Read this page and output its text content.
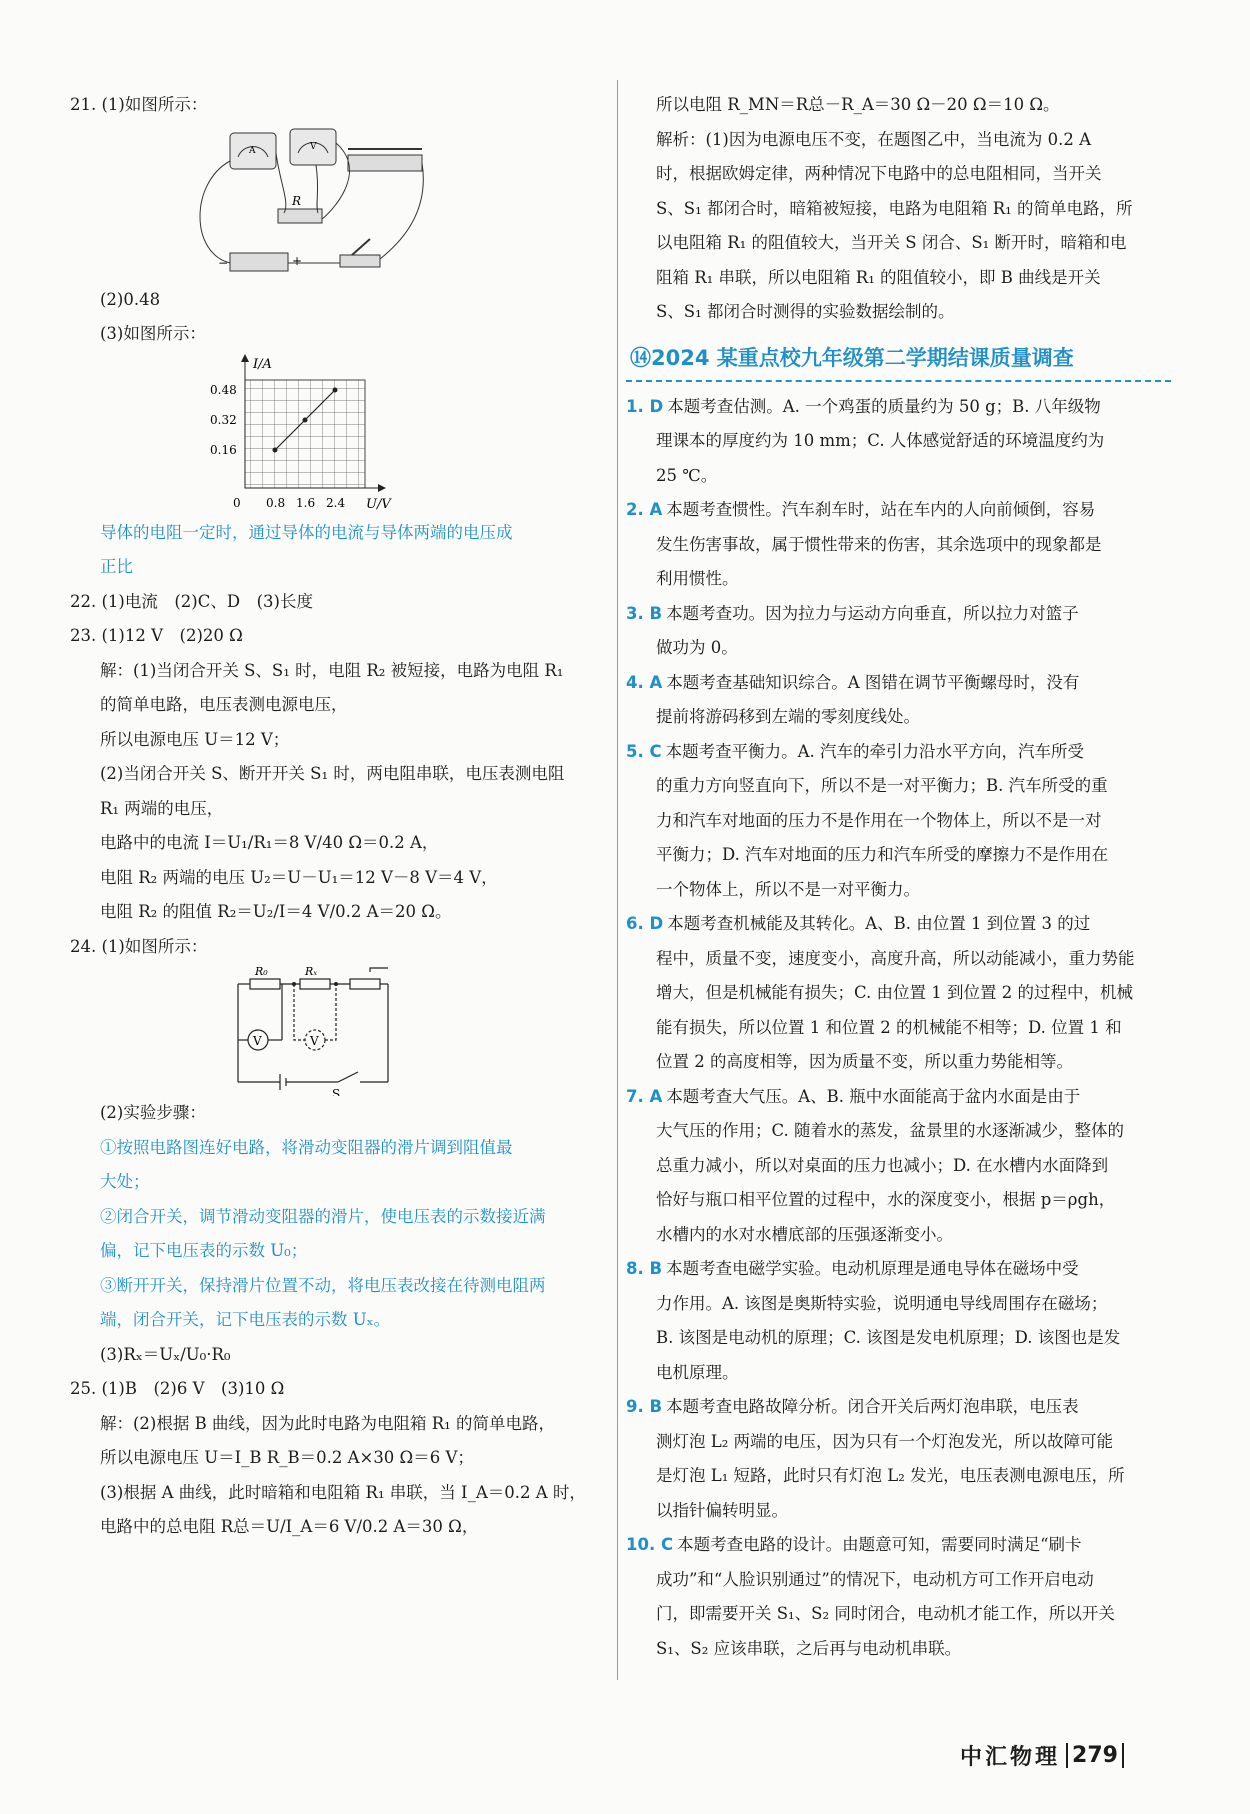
21. (1)如图所示：
A	V
R
−	+
(2)0.48
(3)如图所示：
I/A
U/V
0.48
0.32
0.16
0 0.8 1.6 2.4
导体的电阻一定时，通过导体的电流与导体两端的电压成
正比
22. (1)电流　(2)C、D　(3)长度
23. (1)12 V　(2)20 Ω
解：(1)当闭合开关 S、S₁ 时，电阻 R₂ 被短接，电路为电阻 R₁
的简单电路，电压表测电源电压，
所以电源电压 U＝12 V；
(2)当闭合开关 S、断开开关 S₁ 时，两电阻串联，电压表测电阻
R₁ 两端的电压，
电路中的电流 I＝U₁/R₁＝8 V/40 Ω＝0.2 A，
电阻 R₂ 两端的电压 U₂＝U－U₁＝12 V－8 V＝4 V，
电阻 R₂ 的阻值 R₂＝U₂/I＝4 V/0.2 A＝20 Ω。
24. (1)如图所示：
R₀	Rₓ
V	V
S
(2)实验步骤：
①按照电路图连好电路，将滑动变阻器的滑片调到阻值最
大处；
②闭合开关，调节滑动变阻器的滑片，使电压表的示数接近满
偏，记下电压表的示数 U₀；
③断开开关，保持滑片位置不动，将电压表改接在待测电阻两
端，闭合开关，记下电压表的示数 Uₓ。
(3)Rₓ＝Uₓ/U₀·R₀
25. (1)B　(2)6 V　(3)10 Ω
解：(2)根据 B 曲线，因为此时电路为电阻箱 R₁ 的简单电路，
所以电源电压 U＝I_B R_B＝0.2 A×30 Ω＝6 V；
(3)根据 A 曲线，此时暗箱和电阻箱 R₁ 串联，当 I_A＝0.2 A 时，
电路中的总电阻 R总＝U/I_A＝6 V/0.2 A＝30 Ω，
所以电阻 R_MN＝R总－R_A＝30 Ω－20 Ω＝10 Ω。
解析：(1)因为电源电压不变，在题图乙中，当电流为 0.2 A
时，根据欧姆定律，两种情况下电路中的总电阻相同，当开关
S、S₁ 都闭合时，暗箱被短接，电路为电阻箱 R₁ 的简单电路，所
以电阻箱 R₁ 的阻值较大，当开关 S 闭合、S₁ 断开时，暗箱和电
阻箱 R₁ 串联，所以电阻箱 R₁ 的阻值较小，即 B 曲线是开关
S、S₁ 都闭合时测得的实验数据绘制的。
⑭2024 某重点校九年级第二学期结课质量调查
1. D 本题考查估测。A. 一个鸡蛋的质量约为 50 g；B. 八年级物
理课本的厚度约为 10 mm；C. 人体感觉舒适的环境温度约为
25 ℃。
2. A 本题考查惯性。汽车刹车时，站在车内的人向前倾倒，容易
发生伤害事故，属于惯性带来的伤害，其余选项中的现象都是
利用惯性。
3. B 本题考查功。因为拉力与运动方向垂直，所以拉力对篮子
做功为 0。
4. A 本题考查基础知识综合。A 图错在调节平衡螺母时，没有
提前将游码移到左端的零刻度线处。
5. C 本题考查平衡力。A. 汽车的牵引力沿水平方向，汽车所受
的重力方向竖直向下，所以不是一对平衡力；B. 汽车所受的重
力和汽车对地面的压力不是作用在一个物体上，所以不是一对
平衡力；D. 汽车对地面的压力和汽车所受的摩擦力不是作用在
一个物体上，所以不是一对平衡力。
6. D 本题考查机械能及其转化。A、B. 由位置 1 到位置 3 的过
程中，质量不变，速度变小，高度升高，所以动能减小，重力势能
增大，但是机械能有损失；C. 由位置 1 到位置 2 的过程中，机械
能有损失，所以位置 1 和位置 2 的机械能不相等；D. 位置 1 和
位置 2 的高度相等，因为质量不变，所以重力势能相等。
7. A 本题考查大气压。A、B. 瓶中水面能高于盆内水面是由于
大气压的作用；C. 随着水的蒸发，盆景里的水逐渐减少，整体的
总重力减小，所以对桌面的压力也减小；D. 在水槽内水面降到
恰好与瓶口相平位置的过程中，水的深度变小，根据 p＝ρgh，
水槽内的水对水槽底部的压强逐渐变小。
8. B 本题考查电磁学实验。电动机原理是通电导体在磁场中受
力作用。A. 该图是奥斯特实验，说明通电导线周围存在磁场；
B. 该图是电动机的原理；C. 该图是发电机原理；D. 该图也是发
电机原理。
9. B 本题考查电路故障分析。闭合开关后两灯泡串联，电压表
测灯泡 L₂ 两端的电压，因为只有一个灯泡发光，所以故障可能
是灯泡 L₁ 短路，此时只有灯泡 L₂ 发光，电压表测电源电压，所
以指针偏转明显。
10. C 本题考查电路的设计。由题意可知，需要同时满足“刷卡
成功”和“人脸识别通过”的情况下，电动机方可工作开启电动
门，即需要开关 S₁、S₂ 同时闭合，电动机才能工作，所以开关
S₁、S₂ 应该串联，之后再与电动机串联。
中汇物理 279
